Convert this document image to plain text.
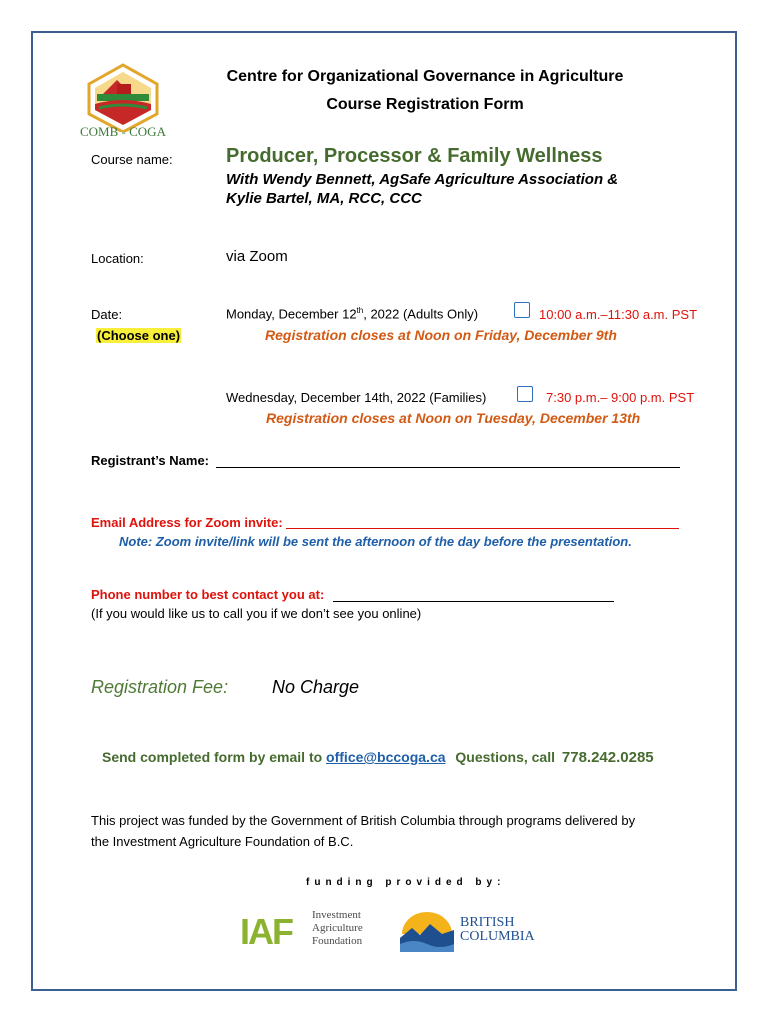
COMB - COGA
Centre for Organizational Governance in Agriculture
Course Registration Form
Course name:	Producer, Processor & Family Wellness
With Wendy Bennett, AgSafe Agriculture Association &
Kylie Bartel, MA, RCC, CCC
Location:	via Zoom
Date:
(Choose one)
Monday, December 12th, 2022 (Adults Only)	10:00 a.m.–11:30 a.m. PST
Registration closes at Noon on Friday, December 9th
Wednesday, December 14th, 2022 (Families)	7:30 p.m.– 9:00 p.m. PST
Registration closes at Noon on Tuesday, December 13th
Registrant’s Name:
Email Address for Zoom invite:
Note: Zoom invite/link will be sent the afternoon of the day before the presentation.
Phone number to best contact you at:
(If you would like us to call you if we don’t see you online)
Registration Fee: No Charge
Send completed form by email to office@bccoga.ca Questions, call 778.242.0285
This project was funded by the Government of British Columbia through programs delivered by
the Investment Agriculture Foundation of B.C.
funding provided by:
IAF Investment
Agriculture
Foundation
BRITISH
COLUMBIA
